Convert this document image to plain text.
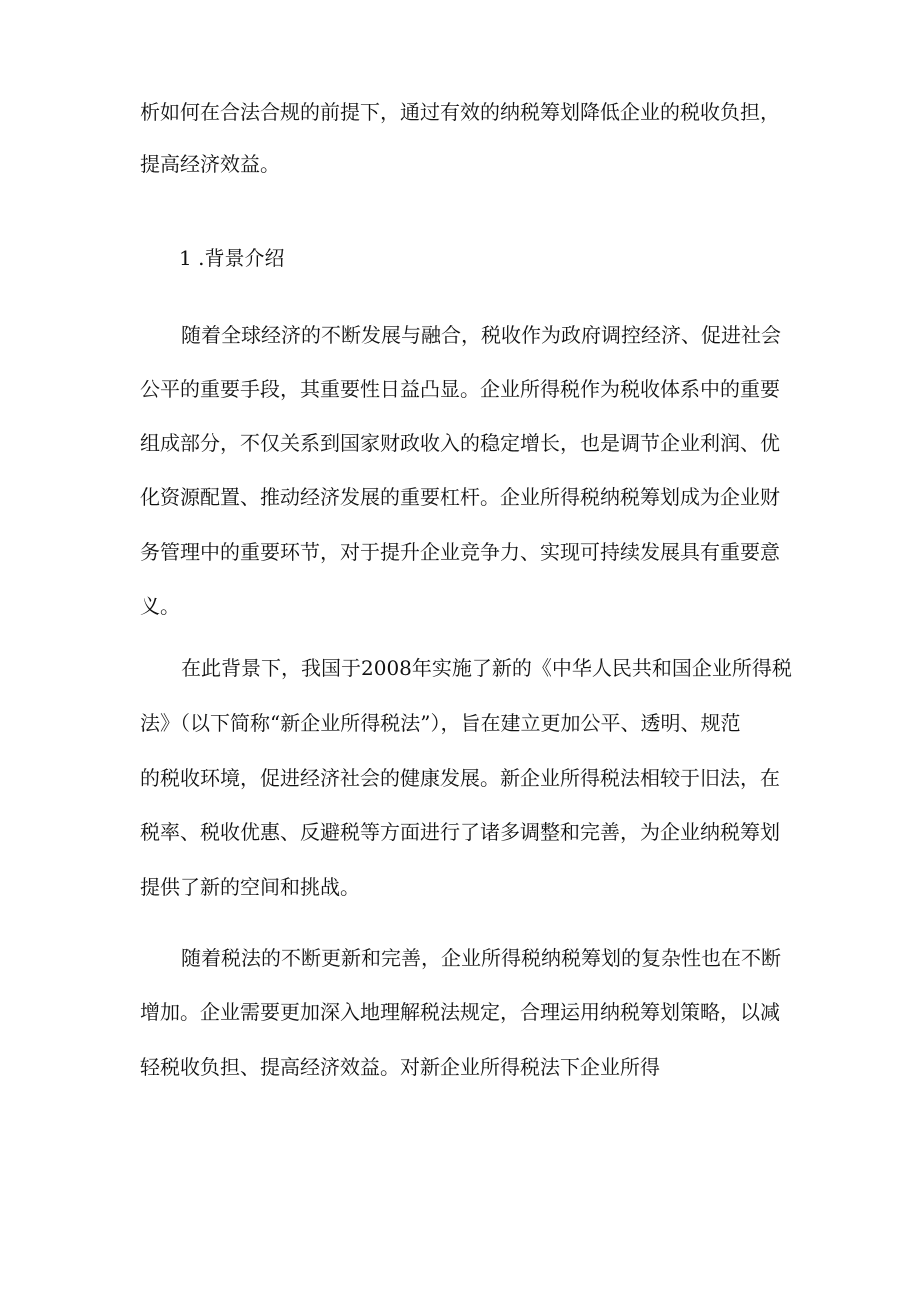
析如何在合法合规的前提下，通过有效的纳税筹划降低企业的税收负担，
提高经济效益。
1 .背景介绍
随着全球经济的不断发展与融合，税收作为政府调控经济、促进社会
公平的重要手段，其重要性日益凸显。企业所得税作为税收体系中的重要
组成部分，不仅关系到国家财政收入的稳定增长，也是调节企业利润、优
化资源配置、推动经济发展的重要杠杆。企业所得税纳税筹划成为企业财
务管理中的重要环节，对于提升企业竞争力、实现可持续发展具有重要意
义。
在此背景下，我国于2008年实施了新的《中华人民共和国企业所得税
法》（以下简称“新企业所得税法”），旨在建立更加公平、透明、规范
的税收环境，促进经济社会的健康发展。新企业所得税法相较于旧法，在
税率、税收优惠、反避税等方面进行了诸多调整和完善，为企业纳税筹划
提供了新的空间和挑战。
随着税法的不断更新和完善，企业所得税纳税筹划的复杂性也在不断
增加。企业需要更加深入地理解税法规定，合理运用纳税筹划策略，以减
轻税收负担、提高经济效益。对新企业所得税法下企业所得
